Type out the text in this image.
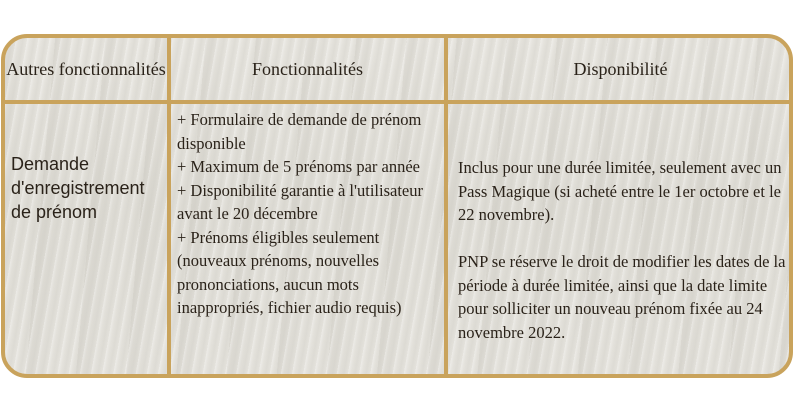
Autres fonctionnalités	Fonctionnalités	Disponibilité
Demande d'enregistrement de prénom
+ Formulaire de demande de prénom disponible
+ Maximum de 5 prénoms par année
+ Disponibilité garantie à l'utilisateur avant le 20 décembre
+ Prénoms éligibles seulement (nouveaux prénoms, nouvelles prononciations, aucun mots inappropriés, fichier audio requis)

Inclus pour une durée limitée, seulement avec un Pass Magique (si acheté entre le 1er octobre et le 22 novembre).

PNP se réserve le droit de modifier les dates de la période à durée limitée, ainsi que la date limite pour solliciter un nouveau prénom fixée au 24 novembre 2022.
